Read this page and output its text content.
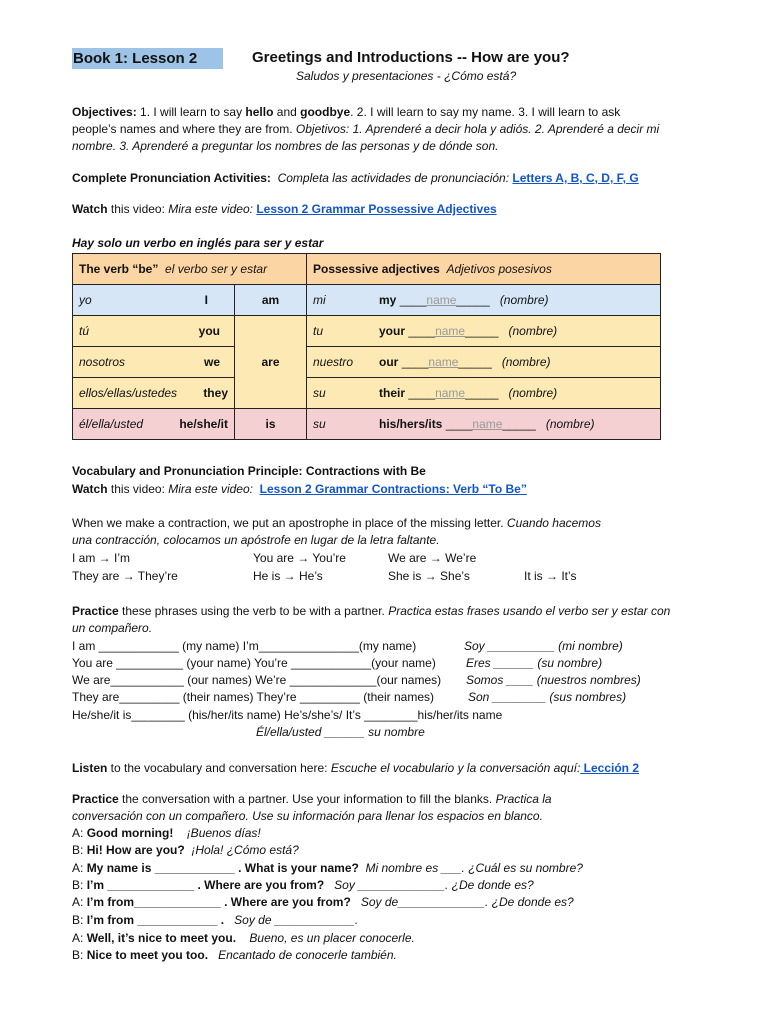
Book 1: Lesson 2	Greetings and Introductions -- How are you?
Saludos y presentaciones - ¿Cómo está?
Objectives: 1. I will learn to say hello and goodbye. 2. I will learn to say my name. 3. I will learn to ask
people’s names and where they are from. Objetivos: 1. Aprenderé a decir hola y adiós. 2. Aprenderé a decir mi
nombre. 3. Aprenderé a preguntar los nombres de las personas y de dónde son.
Complete Pronunciation Activities: Completa las actividades de pronunciación: Letters A, B, C, D, F, G
Watch this video: Mira este video: Lesson 2 Grammar Possessive Adjectives
Hay solo un verbo en inglés para ser y estar
The verb “be” el verbo ser y estar		Possessive adjectives Adjetivos posesivos

yo I	am	mi my ____name_____ (nombre)

tú you	are	tu your ____name_____ (nombre)

nosotros we		nuestro our ____name_____ (nombre)

ellos/ellas/ustedes they		su their ____name_____ (nombre)

él/ella/usted he/she/it	is	su his/hers/its ____name_____ (nombre)
Vocabulary and Pronunciation Principle: Contractions with Be
Watch this video: Mira este video: Lesson 2 Grammar Contractions: Verb “To Be”
When we make a contraction, we put an apostrophe in place of the missing letter. Cuando hacemos
una contracción, colocamos un apóstrofe en lugar de la letra faltante.
I am → I’m	You are → You’re	We are → We’re
They are → They’re	He is → He’s	She is → She’s	It is → It’s
Practice these phrases using the verb to be with a partner. Practica estas frases usando el verbo ser y estar con
un compañero.
I am ____________ (my name) I’m_______________(my name)	Soy __________ (mi nombre)
You are __________ (your name) You’re ____________(your name)	Eres ______ (su nombre)
We are___________ (our names) We’re _____________(our names) Somos ____ (nuestros nombres)
They are_________ (their names) They’re _________ (their names)	Son ________ (sus nombres)
He/she/it is________ (his/her/its name) He’s/she’s/ It’s ________his/her/its name
Él/ella/usted ______ su nombre
Listen to the vocabulary and conversation here: Escuche el vocabulario y la conversación aquí: Lección 2
Practice the conversation with a partner. Use your information to fill the blanks. Practica la
conversación con un compañero. Use su información para llenar los espacios en blanco.
A: Good morning! ¡Buenos días!
B: Hi! How are you? ¡Hola! ¿Cómo está?
A: My name is ____________ . What is your name? Mi nombre es ___. ¿Cuál es su nombre?
B: I’m _____________ . Where are you from? Soy _____________. ¿De donde es?
A: I’m from_____________ . Where are you from? Soy de_____________. ¿De donde es?
B: I’m from ____________ . Soy de ____________.
A: Well, it’s nice to meet you. Bueno, es un placer conocerle.
B: Nice to meet you too. Encantado de conocerle también.
